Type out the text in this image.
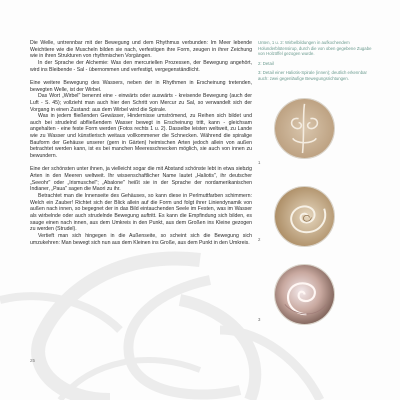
Die Welle, untrennbar mit der Bewegung und dem Rhythmus verbunden: Im Meer lebende Weichtiere wie die Muscheln bilden sie nach, verfestigen ihre Form, zeugen in ihrer Zeichung wie in ihren Strukturen von rhythmischen Vorgängen.

In der Sprache der Alchemie: Was den mercuriellen Prozessen, der Bewegung angehört, wird ins Bleibende - Sal - übernommen und verfestigt, vergegenständlicht.

Eine weitere Bewegung des Wassers, neben der in Rhythmen in Erscheinung tretenden, bewegten Welle, ist der Wirbel.

Das Wort „Wirbel" benennt eine - einwärts oder auswärts - kreisende Bewegung (auch der Luft - S. 45); vollzieht man auch hier den Schritt von Mercur zu Sal, so verwandelt sich der Vorgang in einen Zustand: aus dem Wirbel wird die Spirale.

Was in jedem fließenden Gewässer, Hindernisse umströmend, zu Reihen sich bildet und auch bei strudelnd abfließendem Wasser bewegt in Erscheinung tritt, kann - gleichsam angehalten - eine feste Form werden (Fotos rechts 1 u. 2). Dasselbe leisten weltweit, zu Lande wie zu Wasser und künstlerisch weitaus vollkommener die Schnecken. Während die spiralige Bauform der Gehäuse unserer (gern in Gärten) heimischen Arten jedoch allein von außen betrachtet werden kann, ist es bei manchen Meeresschnecken möglich, sie auch von innen zu bewundern.

Eine der schönsten unter ihnen, ja vielleicht sogar die mit Abstand schönste lebt in etwa siebzig Arten in den Meeren weltweit. Ihr wissenschaftlicher Name lautet „Haliotis", ihr deutscher „Seeohr" oder „Irismuschel"; „Abalone" heißt sie in der Sprache der nordamerikanischen Indianer, „Paua" sagen die Maori zu ihr.

Betrachtet man die Innenseite des Gehäuses, so kann diese in Perlmuttfarben schimmern: Welch ein Zauber! Richtet sich der Blick allein auf die Form und folgt ihrer Liniendynamik von außen nach innen, so begegnet der in das Bild eintauchenden Seele im Festen, was im Wasser als wirbelnde oder auch strudelnde Bewegung auftritt. Es kann die Empfindung sich bilden, es sauge einen nach innen, aus dem Umkreis in den Punkt, aus dem Großen ins Kleine gezogen zu werden (Strudel).

Vertieft man sich hingegen in die Außenseite, so scheint sich die Bewegung sich umzukehren: Man bewegt sich nun aus dem Kleinen ins Große, aus dem Punkt in den Umkreis.

Unten, 1 u. 2: Wirbelbildungen in aufkochendem Holunderblütensirup, durch die von oben gegebene Zugabe von Holzöffel gezogen wurde.

2: Detail

3: Detail einer Haliotis-Spirale (innen); deutlich erkennbar auch: zwei gegenläufige Bewegungsrichtungen.

1
2
3
25
